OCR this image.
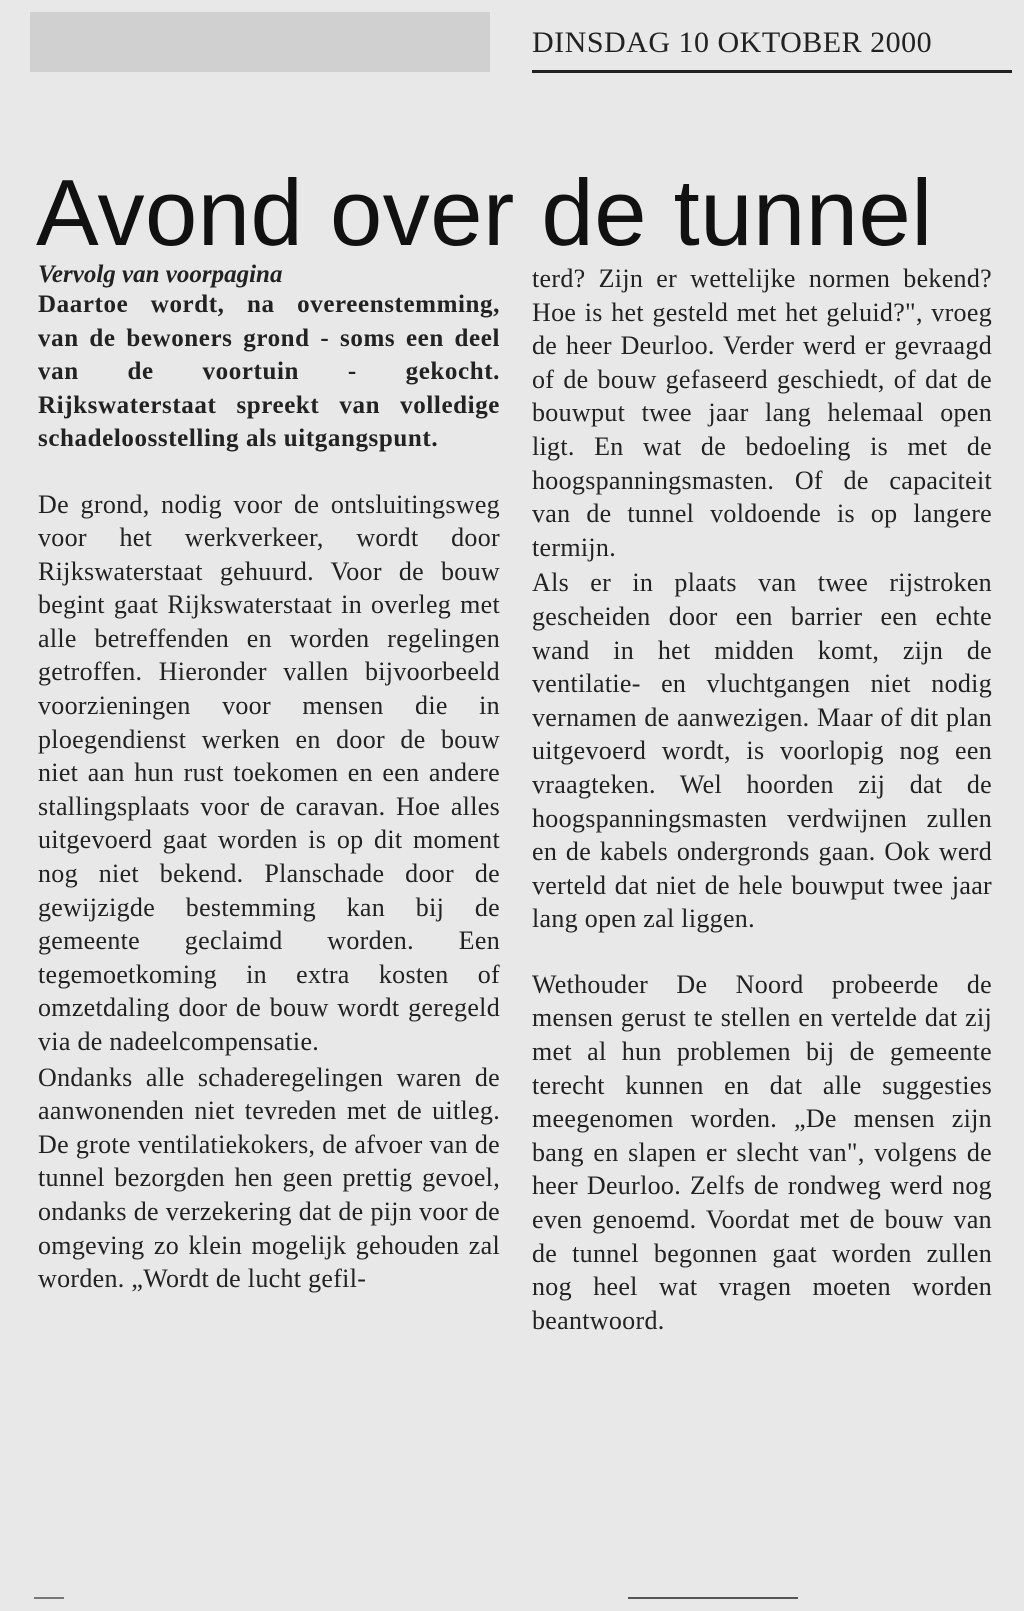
DINSDAG 10 OKTOBER 2000
Avond over de tunnel

Vervolg van voorpagina

Daartoe wordt, na overeenstemming, van de bewoners grond - soms een deel van de voortuin - gekocht. Rijkswaterstaat spreekt van volledige schadeloosstelling als uitgangspunt.

De grond, nodig voor de ontsluitingsweg voor het werkverkeer, wordt door Rijkswaterstaat gehuurd. Voor de bouw begint gaat Rijkswaterstaat in overleg met alle betreffenden en worden regelingen getroffen. Hieronder vallen bijvoorbeeld voorzieningen voor mensen die in ploegendienst werken en door de bouw niet aan hun rust toekomen en een andere stallingsplaats voor de caravan. Hoe alles uitgevoerd gaat worden is op dit moment nog niet bekend. Planschade door de gewijzigde bestemming kan bij de gemeente geclaimd worden. Een tegemoetkoming in extra kosten of omzetdaling door de bouw wordt geregeld via de nadeelcompensatie.

Ondanks alle schaderegelingen waren de aanwonenden niet tevreden met de uitleg. De grote ventilatiekokers, de afvoer van de tunnel bezorgden hen geen prettig gevoel, ondanks de verzekering dat de pijn voor de omgeving zo klein mogelijk gehouden zal worden. „Wordt de lucht gefil-

terd? Zijn er wettelijke normen bekend? Hoe is het gesteld met het geluid?", vroeg de heer Deurloo. Verder werd er gevraagd of de bouw gefaseerd geschiedt, of dat de bouwput twee jaar lang helemaal open ligt. En wat de bedoeling is met de hoogspanningsmasten. Of de capaciteit van de tunnel voldoende is op langere termijn.

Als er in plaats van twee rijstroken gescheiden door een barrier een echte wand in het midden komt, zijn de ventilatie- en vluchtgangen niet nodig vernamen de aanwezigen. Maar of dit plan uitgevoerd wordt, is voorlopig nog een vraagteken. Wel hoorden zij dat de hoogspanningsmasten verdwijnen zullen en de kabels ondergronds gaan. Ook werd verteld dat niet de hele bouwput twee jaar lang open zal liggen.

Wethouder De Noord probeerde de mensen gerust te stellen en vertelde dat zij met al hun problemen bij de gemeente terecht kunnen en dat alle suggesties meegenomen worden. „De mensen zijn bang en slapen er slecht van", volgens de heer Deurloo. Zelfs de rondweg werd nog even genoemd. Voordat met de bouw van de tunnel begonnen gaat worden zullen nog heel wat vragen moeten worden beantwoord.
